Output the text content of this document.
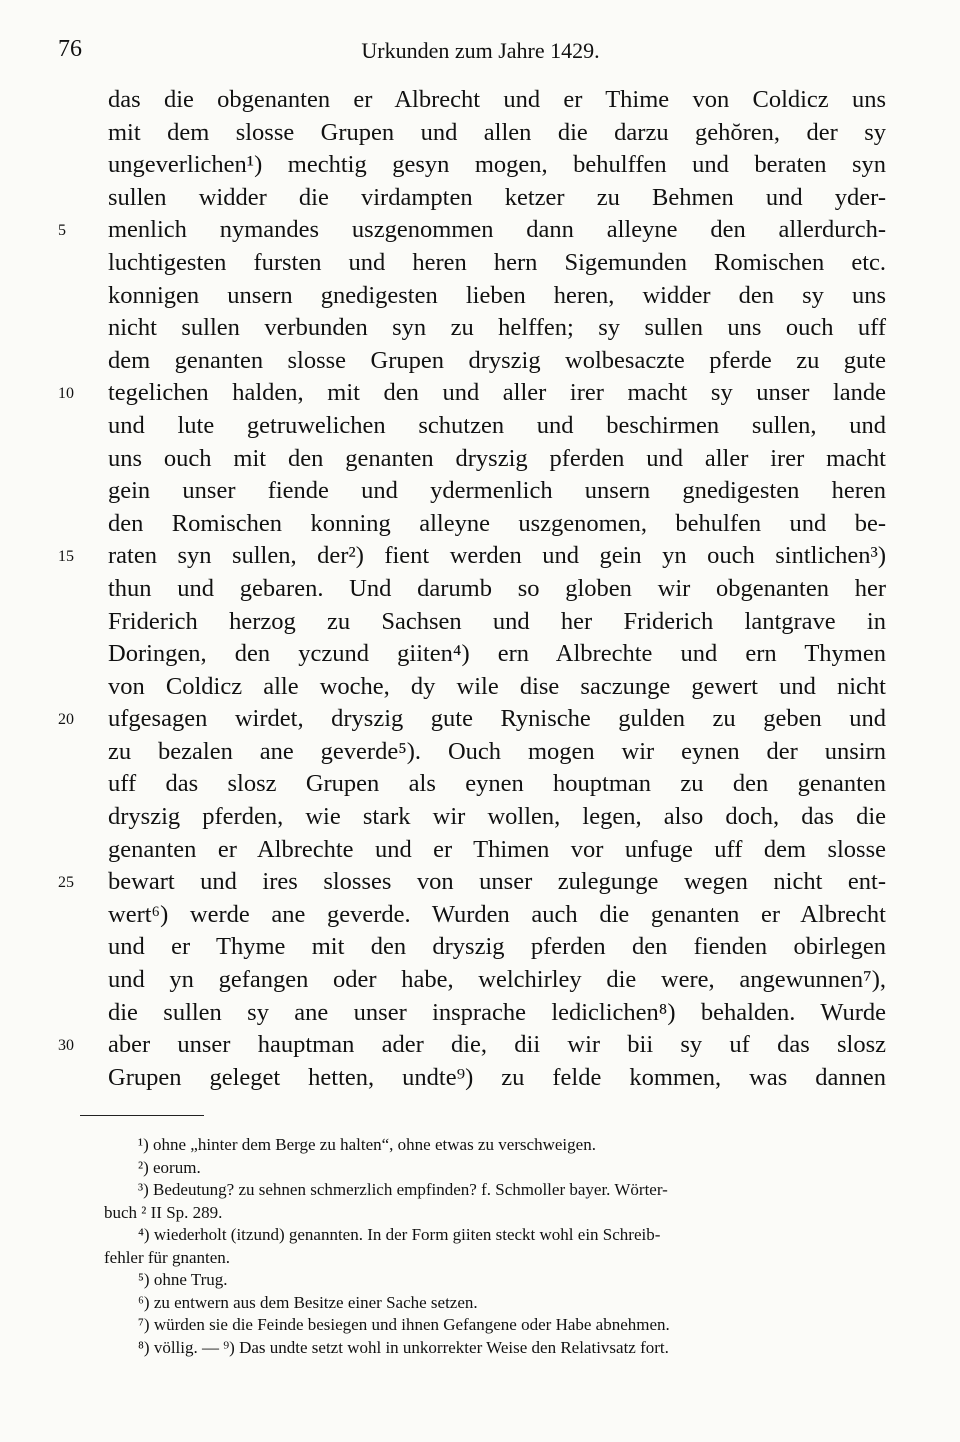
76	Urkunden zum Jahre 1429.
das die obgenanten er Albrecht und er Thime von Coldicz uns
mit dem slosse Grupen und allen die darzu gehŏren, der sy
ungeverlichen¹) mechtig gesyn mogen, behulffen und beraten syn
sullen widder die virdampten ketzer zu Behmen und yder-
5 menlich nymandes uszgenommen dann alleyne den allerdurch-
luchtigesten fursten und heren hern Sigemunden Romischen etc.
konnigen unsern gnedigesten lieben heren, widder den sy uns
nicht sullen verbunden syn zu helffen; sy sullen uns ouch uff
dem genanten slosse Grupen dryszig wolbesaczte pferde zu gute
10 tegelichen halden, mit den und aller irer macht sy unser lande
und lute getruwelichen schutzen und beschirmen sullen, und
uns ouch mit den genanten dryszig pferden und aller irer macht
gein unser fiende und ydermenlich unsern gnedigesten heren
den Romischen konning alleyne uszgenomen, behulfen und be-
15 raten syn sullen, der²) fient werden und gein yn ouch sintlichen³)
thun und gebaren. Und darumb so globen wir obgenanten her
Friderich herzog zu Sachsen und her Friderich lantgrave in
Doringen, den yczund giiten⁴) ern Albrechte und ern Thymen
von Coldicz alle woche, dy wile dise saczunge gewert und nicht
20 ufgesagen wirdet, dryszig gute Rynische gulden zu geben und
zu bezalen ane geverde⁵). Ouch mogen wir eynen der unsirn
uff das slosz Grupen als eynen houptman zu den genanten
dryszig pferden, wie stark wir wollen, legen, also doch, das die
genanten er Albrechte und er Thimen vor unfuge uff dem slosse
25 bewart und ires slosses von unser zulegunge wegen nicht ent-
wert⁶) werde ane geverde. Wurden auch die genanten er Albrecht
und er Thyme mit den dryszig pferden den fienden obirlegen
und yn gefangen oder habe, welchirley die were, angewunnen⁷),
die sullen sy ane unser insprache lediclichen⁸) behalden. Wurde
30 aber unser hauptman ader die, dii wir bii sy uf das slosz
Grupen geleget hetten, undte⁹) zu felde kommen, was dannen
¹) ohne „hinter dem Berge zu halten“, ohne etwas zu verschweigen.
²) eorum.
³) Bedeutung? zu sehnen schmerzlich empfinden? f. Schmoller bayer. Wörter-
buch ² II Sp. 289.
⁴) wiederholt (itzund) genannten. In der Form giiten steckt wohl ein Schreib-
fehler für gnanten.
⁵) ohne Trug.
⁶) zu entwern aus dem Besitze einer Sache setzen.
⁷) würden sie die Feinde besiegen und ihnen Gefangene oder Habe abnehmen.
⁸) völlig. — ⁹) Das undte setzt wohl in unkorrekter Weise den Relativsatz fort.
